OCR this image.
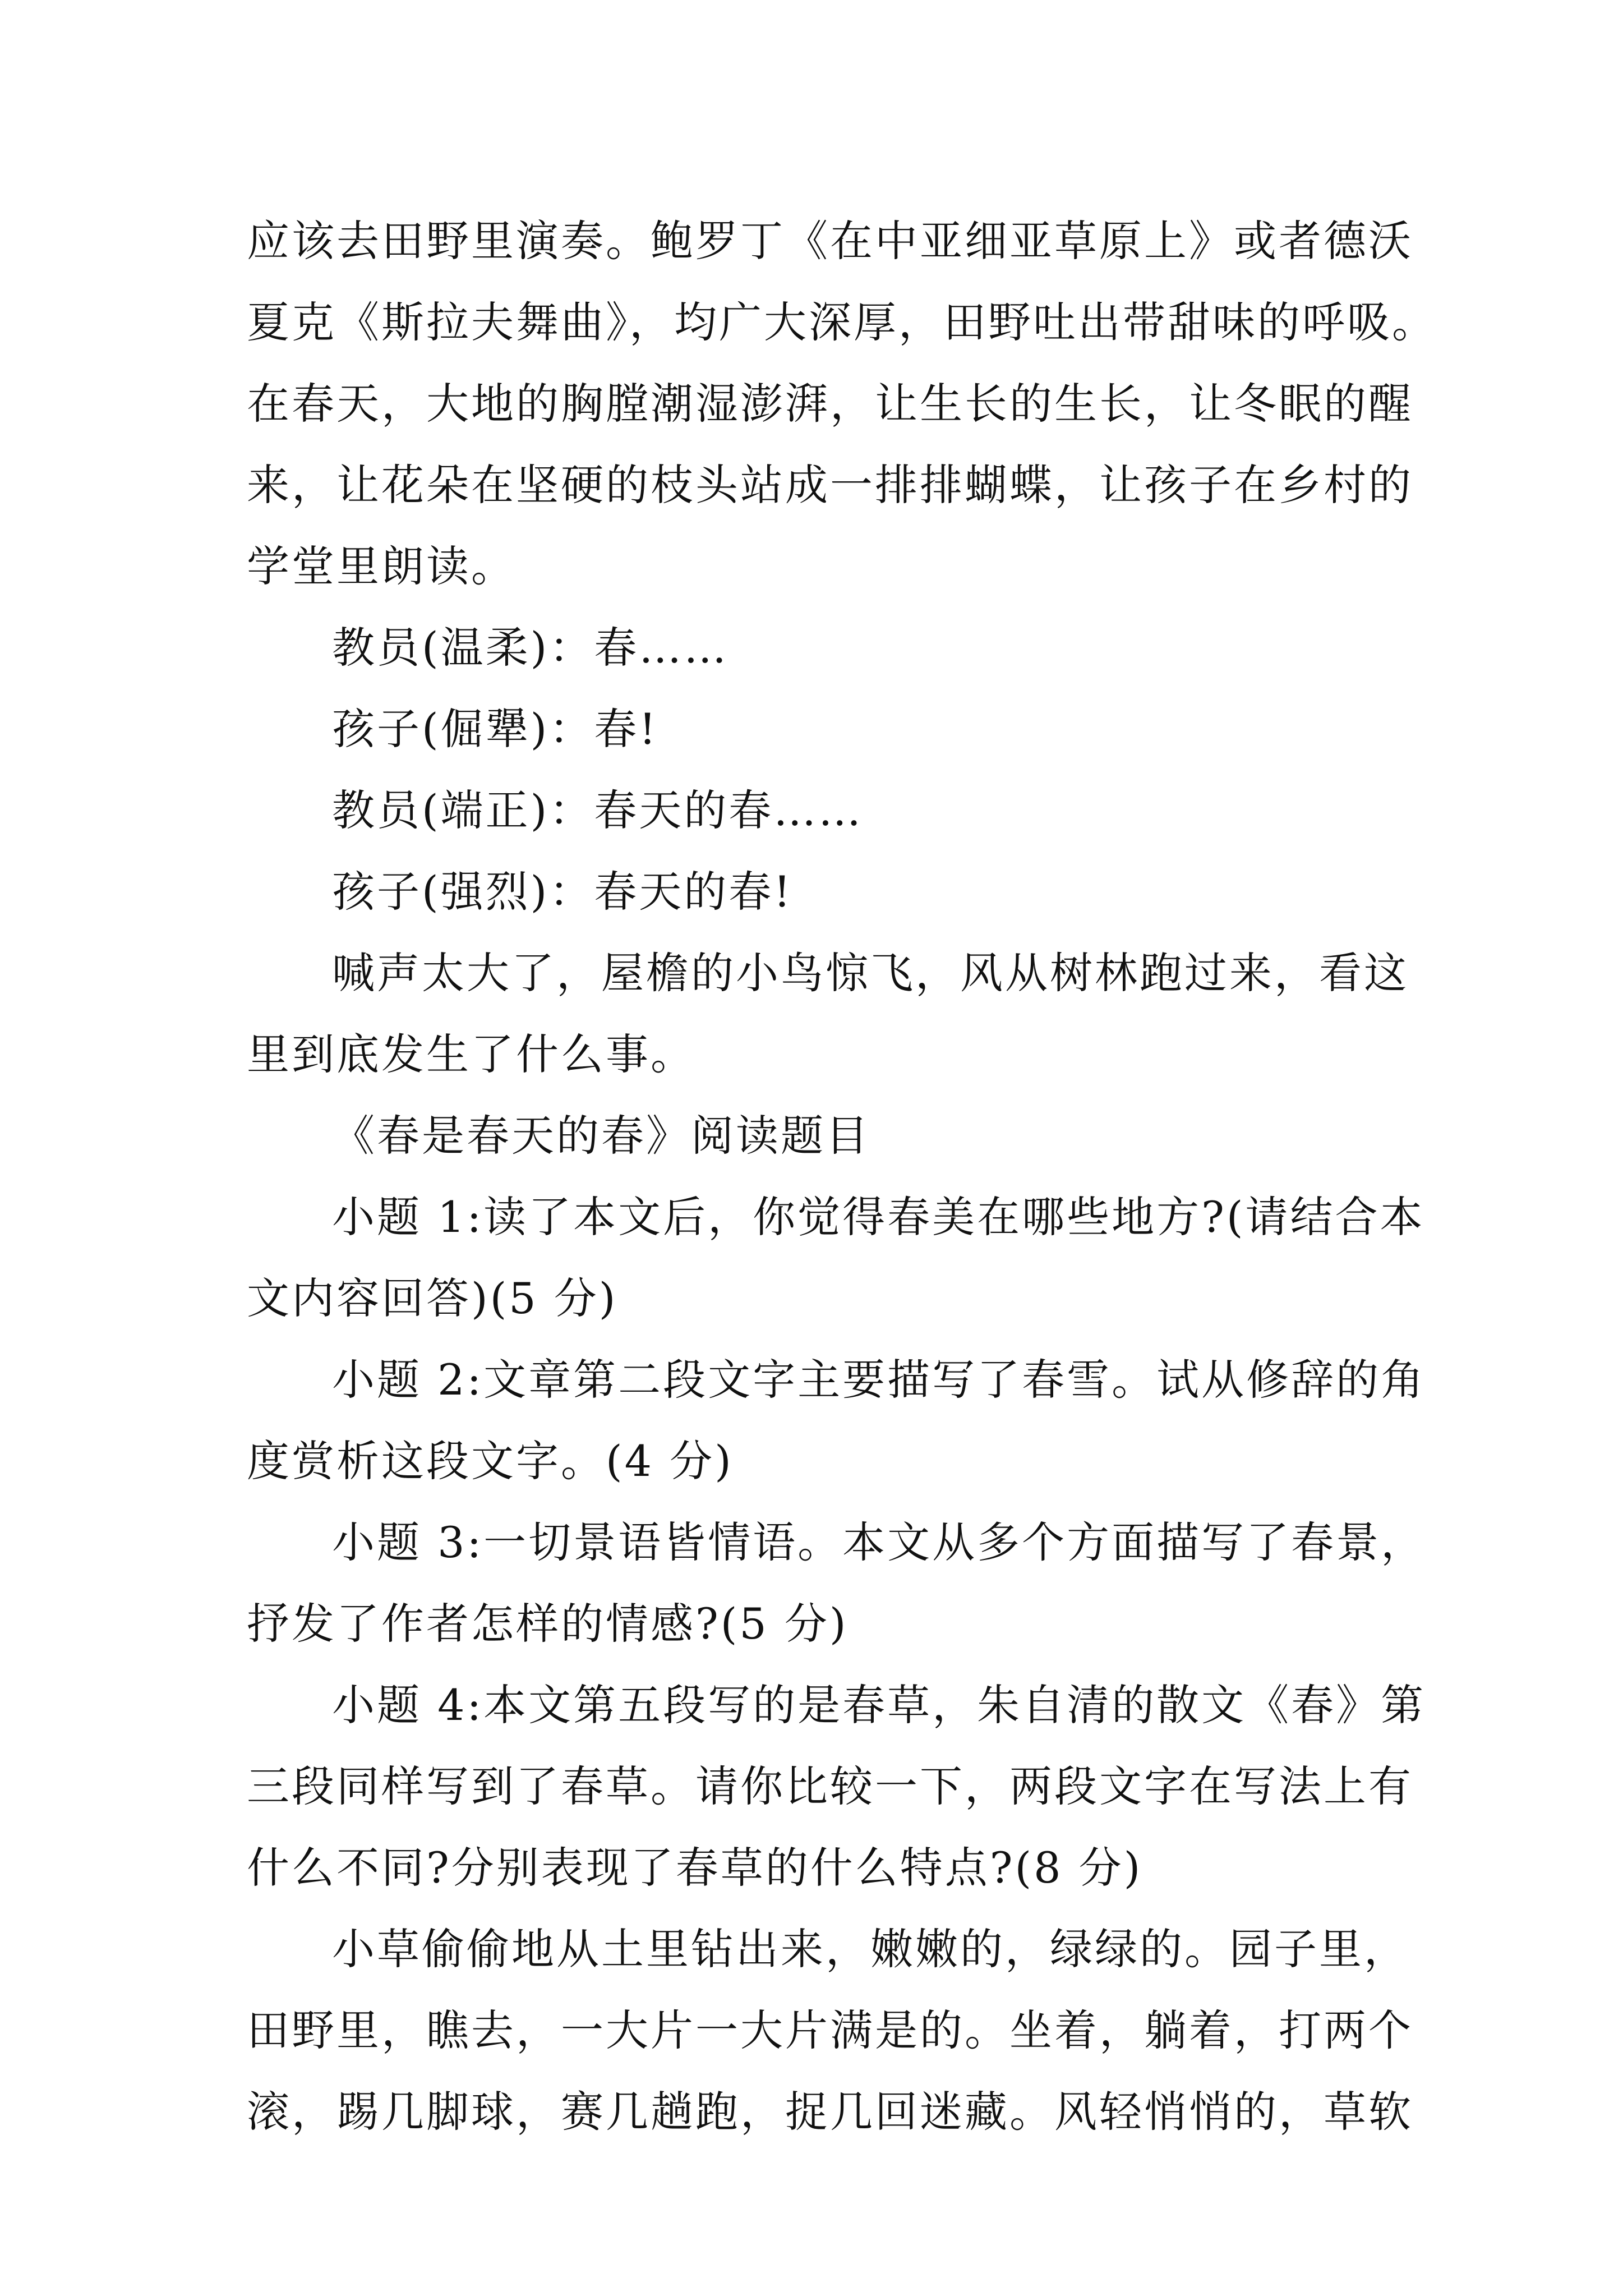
应该去田野里演奏。鲍罗丁《在中亚细亚草原上》或者德沃
夏克《斯拉夫舞曲》，均广大深厚，田野吐出带甜味的呼吸。
在春天，大地的胸膛潮湿澎湃，让生长的生长，让冬眠的醒
来，让花朵在坚硬的枝头站成一排排蝴蝶，让孩子在乡村的
学堂里朗读。
教员(温柔)：春……
孩子(倔犟)：春!
教员(端正)：春天的春……
孩子(强烈)：春天的春!
喊声太大了，屋檐的小鸟惊飞，风从树林跑过来，看这
里到底发生了什么事。
《春是春天的春》阅读题目
小题 1:读了本文后，你觉得春美在哪些地方?(请结合本
文内容回答)(5 分)
小题 2:文章第二段文字主要描写了春雪。试从修辞的角
度赏析这段文字。(4 分)
小题 3:一切景语皆情语。本文从多个方面描写了春景，
抒发了作者怎样的情感?(5 分)
小题 4:本文第五段写的是春草，朱自清的散文《春》第
三段同样写到了春草。请你比较一下，两段文字在写法上有
什么不同?分别表现了春草的什么特点?(8 分)
小草偷偷地从土里钻出来，嫩嫩的，绿绿的。园子里，
田野里，瞧去，一大片一大片满是的。坐着，躺着，打两个
滚，踢几脚球，赛几趟跑，捉几回迷藏。风轻悄悄的，草软
